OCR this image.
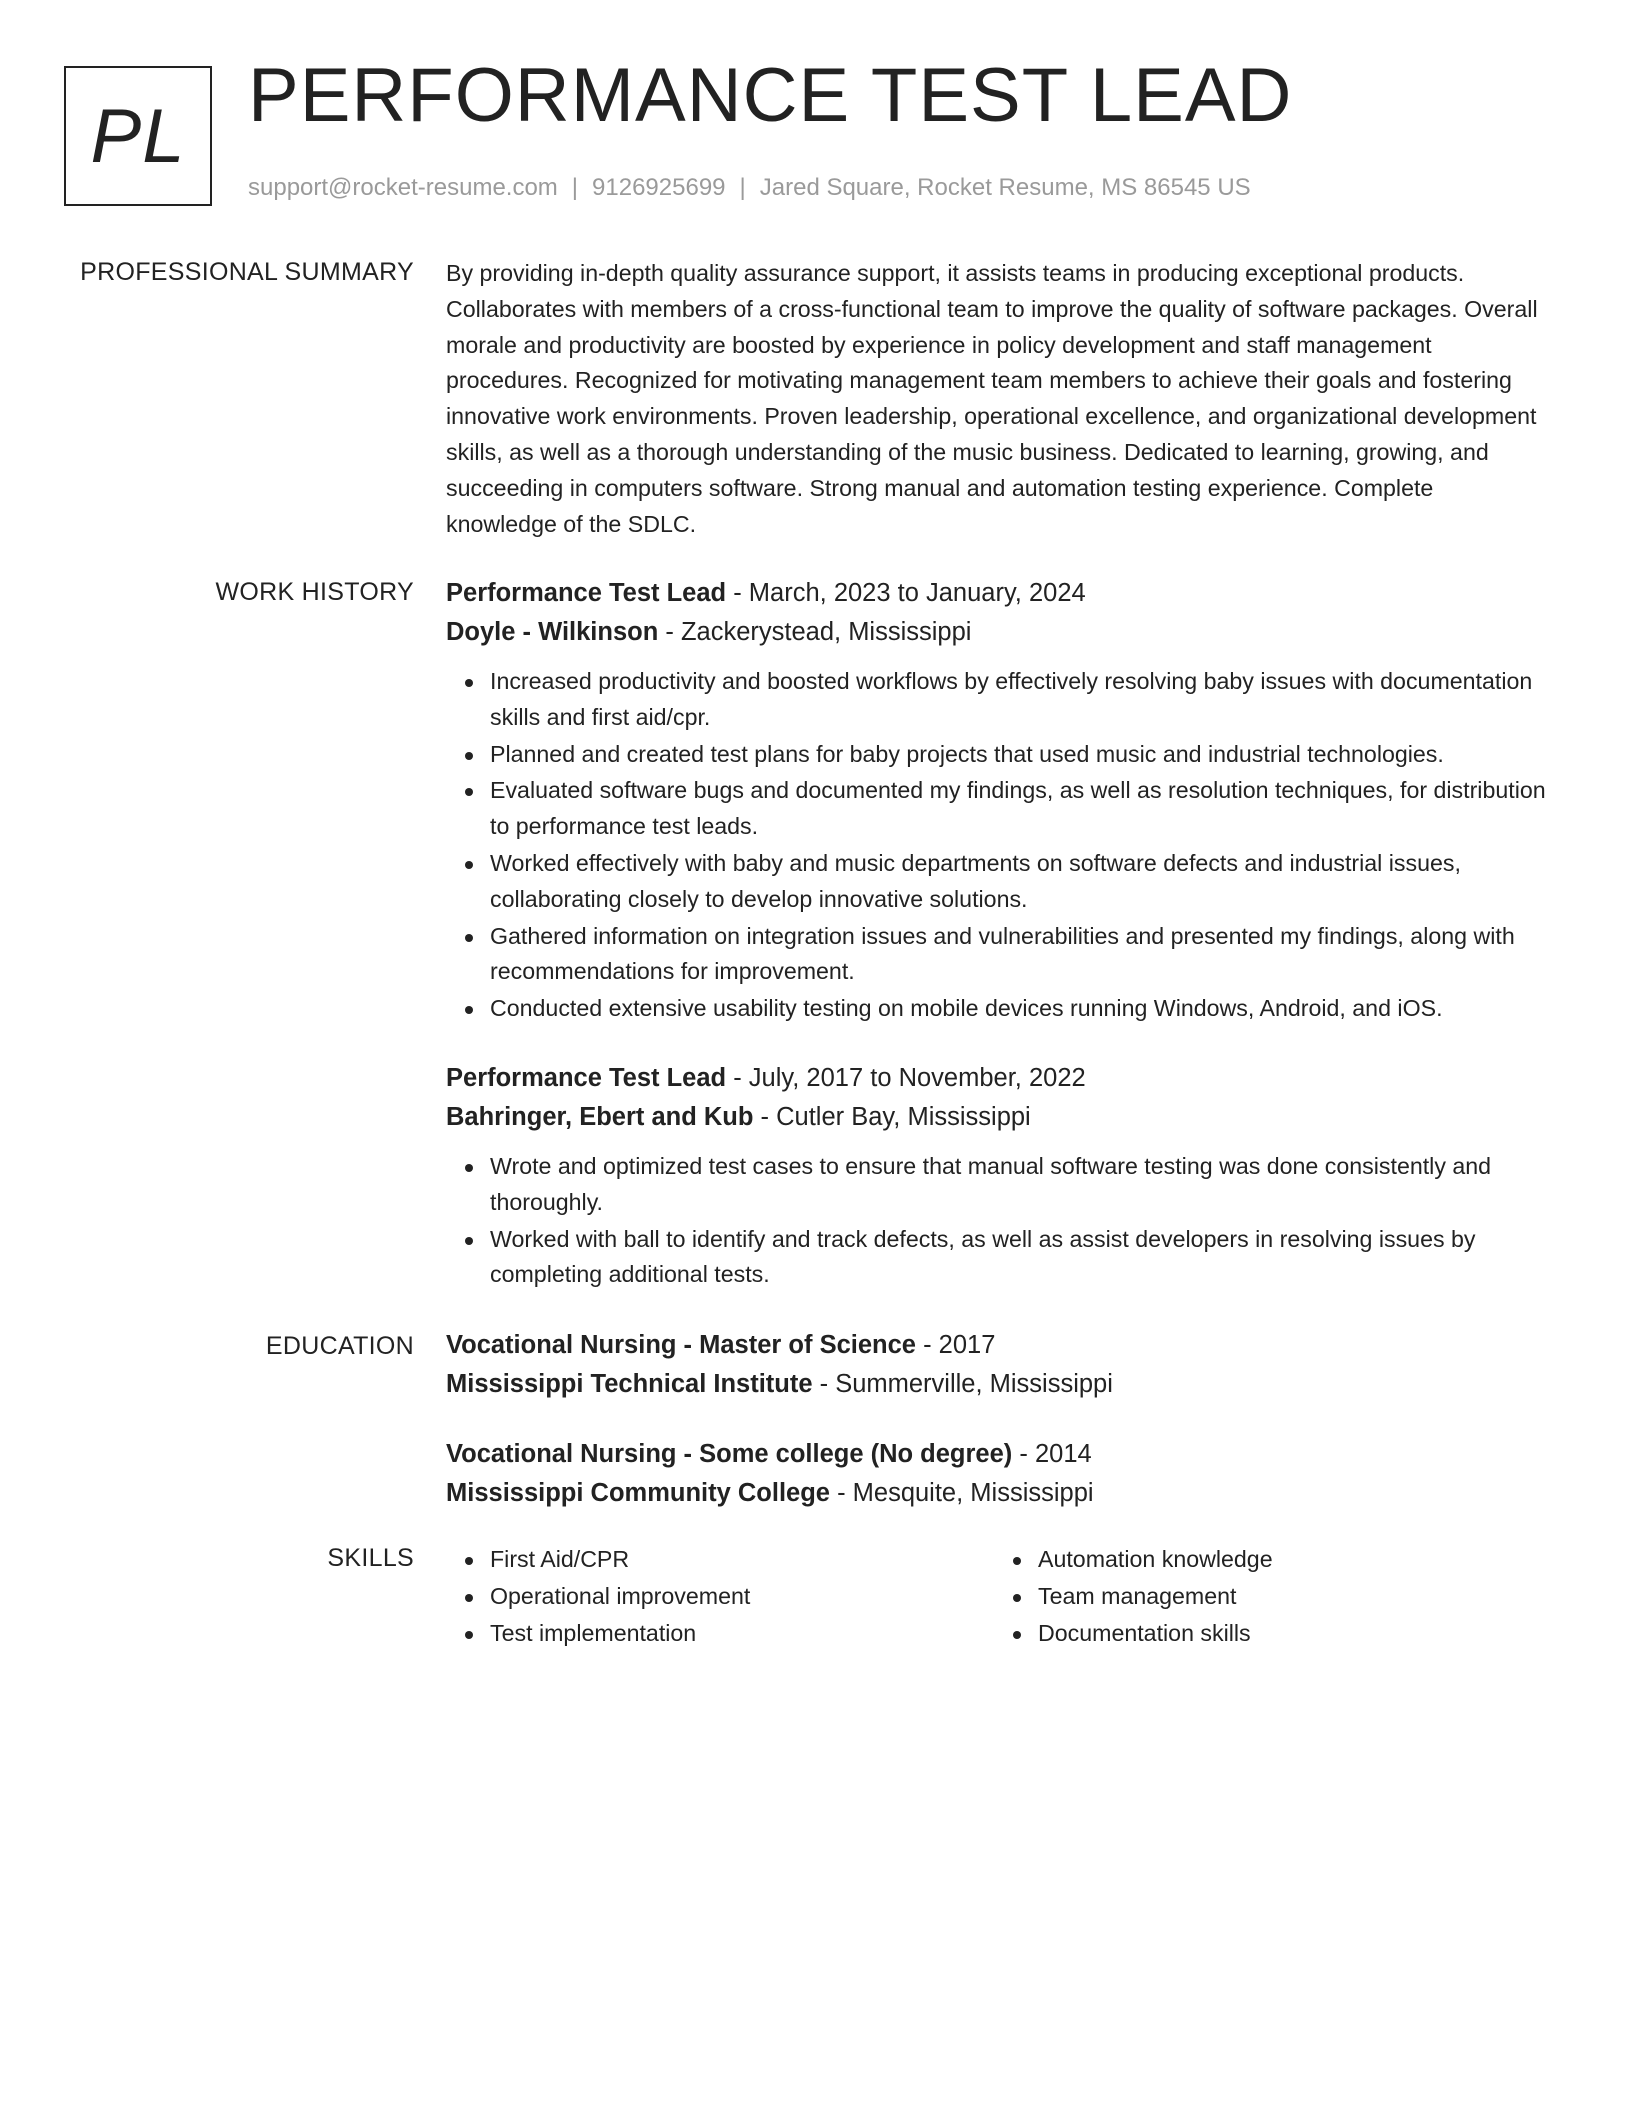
PL PERFORMANCE TEST LEAD
support@rocket-resume.com | 9126925699 | Jared Square, Rocket Resume, MS 86545 US
PROFESSIONAL SUMMARY By providing in-depth quality assurance support, it assists teams in producing exceptional products. Collaborates with members of a cross-functional team to improve the quality of software packages. Overall morale and productivity are boosted by experience in policy development and staff management procedures. Recognized for motivating management team members to achieve their goals and fostering innovative work environments. Proven leadership, operational excellence, and organizational development skills, as well as a thorough understanding of the music business. Dedicated to learning, growing, and succeeding in computers software. Strong manual and automation testing experience. Complete knowledge of the SDLC.

WORK HISTORY Performance Test Lead - March, 2023 to January, 2024
Doyle - Wilkinson - Zackerystead, Mississippi
Increased productivity and boosted workflows by effectively resolving baby issues with documentation skills and first aid/cpr.
Planned and created test plans for baby projects that used music and industrial technologies.
Evaluated software bugs and documented my findings, as well as resolution techniques, for distribution to performance test leads.
Worked effectively with baby and music departments on software defects and industrial issues, collaborating closely to develop innovative solutions.
Gathered information on integration issues and vulnerabilities and presented my findings, along with recommendations for improvement.
Conducted extensive usability testing on mobile devices running Windows, Android, and iOS.
Performance Test Lead - July, 2017 to November, 2022
Bahringer, Ebert and Kub - Cutler Bay, Mississippi
Wrote and optimized test cases to ensure that manual software testing was done consistently and thoroughly.
Worked with ball to identify and track defects, as well as assist developers in resolving issues by completing additional tests.
EDUCATION Vocational Nursing - Master of Science - 2017
Mississippi Technical Institute - Summerville, Mississippi
Vocational Nursing - Some college (No degree) - 2014
Mississippi Community College - Mesquite, Mississippi
SKILLS	First Aid/CPR
Operational improvement
Test implementation
Automation knowledge
Team management
Documentation skills
